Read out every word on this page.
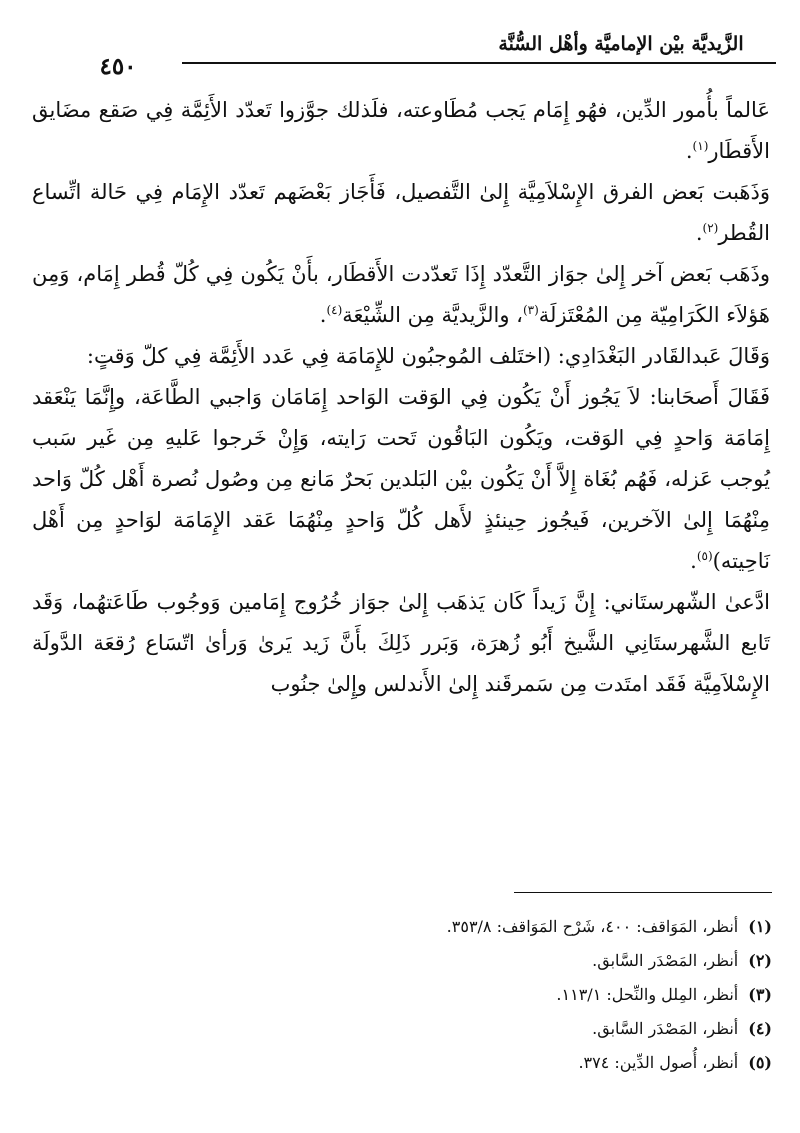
الزَّيديَّة بيْن الإماميَّة وأهْل السُّنَّة
٤٥٠

عَالماً بأُمور الدِّين، فهُو إِمَام يَجب مُطَاوعته، فلَذلك جوَّزوا تَعدّد الأَئِمَّة فِي صَقع مضَايق الأَقطَار$^{(١)}$.

وَذَهَبت بَعض الفرق الإِسْلاَمِيَّة إِلىٰ التَّفصيل، فَأَجَاز بَعْضَهم تَعدّد الإِمَام فِي حَالة اتِّساع القُطر$^{(٢)}$.

وذَهَب بَعض آخر إِلىٰ جوَاز التَّعدّد إِذَا تَعدّدت الأَقطَار، بأَنْ يَكُون فِي كُلّ قُطر إِمَام، وَمِن هَؤلاَء الكَرَامِيّة مِن المُعْتَزلَة$^{(٣)}$، والزَّيديَّة مِن الشِّيْعَة$^{(٤)}$.

وَقَالَ عَبدالقَادر البَغْدَادِي: (اختَلف المُوجبُون للإِمَامَة فِي عَدد الأَئِمَّة فِي كلّ وَقتٍ:

فَقَالَ أَصحَابنا: لاَ يَجُوز أَنْ يَكُون فِي الوَقت الوَاحد إِمَامَان وَاجبي الطَّاعَة، وإِنَّمَا يَنْعَقد إِمَامَة وَاحدٍ فِي الوَقت، ويَكُون البَاقُون تَحت رَايته، وَإِنْ خَرجوا عَليهِ مِن غَير سَبب يُوجب عَزله، فَهُم بُغَاة إِلاَّ أَنْ يَكُون بيْن البَلدين بَحرٌ مَانع مِن وصُول نُصرة أَهْل كُلّ وَاحد مِنْهُمَا إِلىٰ الآخرين، فَيجُوز حِينئذٍ لأَهل كُلّ وَاحدٍ مِنْهُمَا عَقد الإِمَامَة لوَاحدٍ مِن أَهْل نَاحِيته)$^{(٥)}$.

ادَّعىٰ الشّهرستَاني: إِنَّ زَيداً كَان يَذهَب إِلىٰ جوَاز خُرُوج إِمَامين وَوجُوب طَاعَتهُما، وَقَد تَابع الشَّهرستَانِي الشَّيخ أَبُو زُهرَة، وَبَرر ذَلِكَ بأَنَّ زَيد يَرىٰ وَرأىٰ اتّسَاع رُقعَة الدَّولَة الإِسْلاَمِيَّة فَقَد امتَدت مِن سَمرقَند إِلىٰ الأَندلس وإِلىٰ جنُوب

(١)أنظر، المَوَاقف: ٤٠٠، شَرْح المَوَاقف: ٣٥٣/٨.

(٢)أنظر، المَصْدَر السَّابق.

(٣)أنظر، المِلل والنِّحل: ١١٣/١.

(٤)أنظر، المَصْدَر السَّابق.

(٥)أنظر، أُصول الدِّين: ٣٧٤.
